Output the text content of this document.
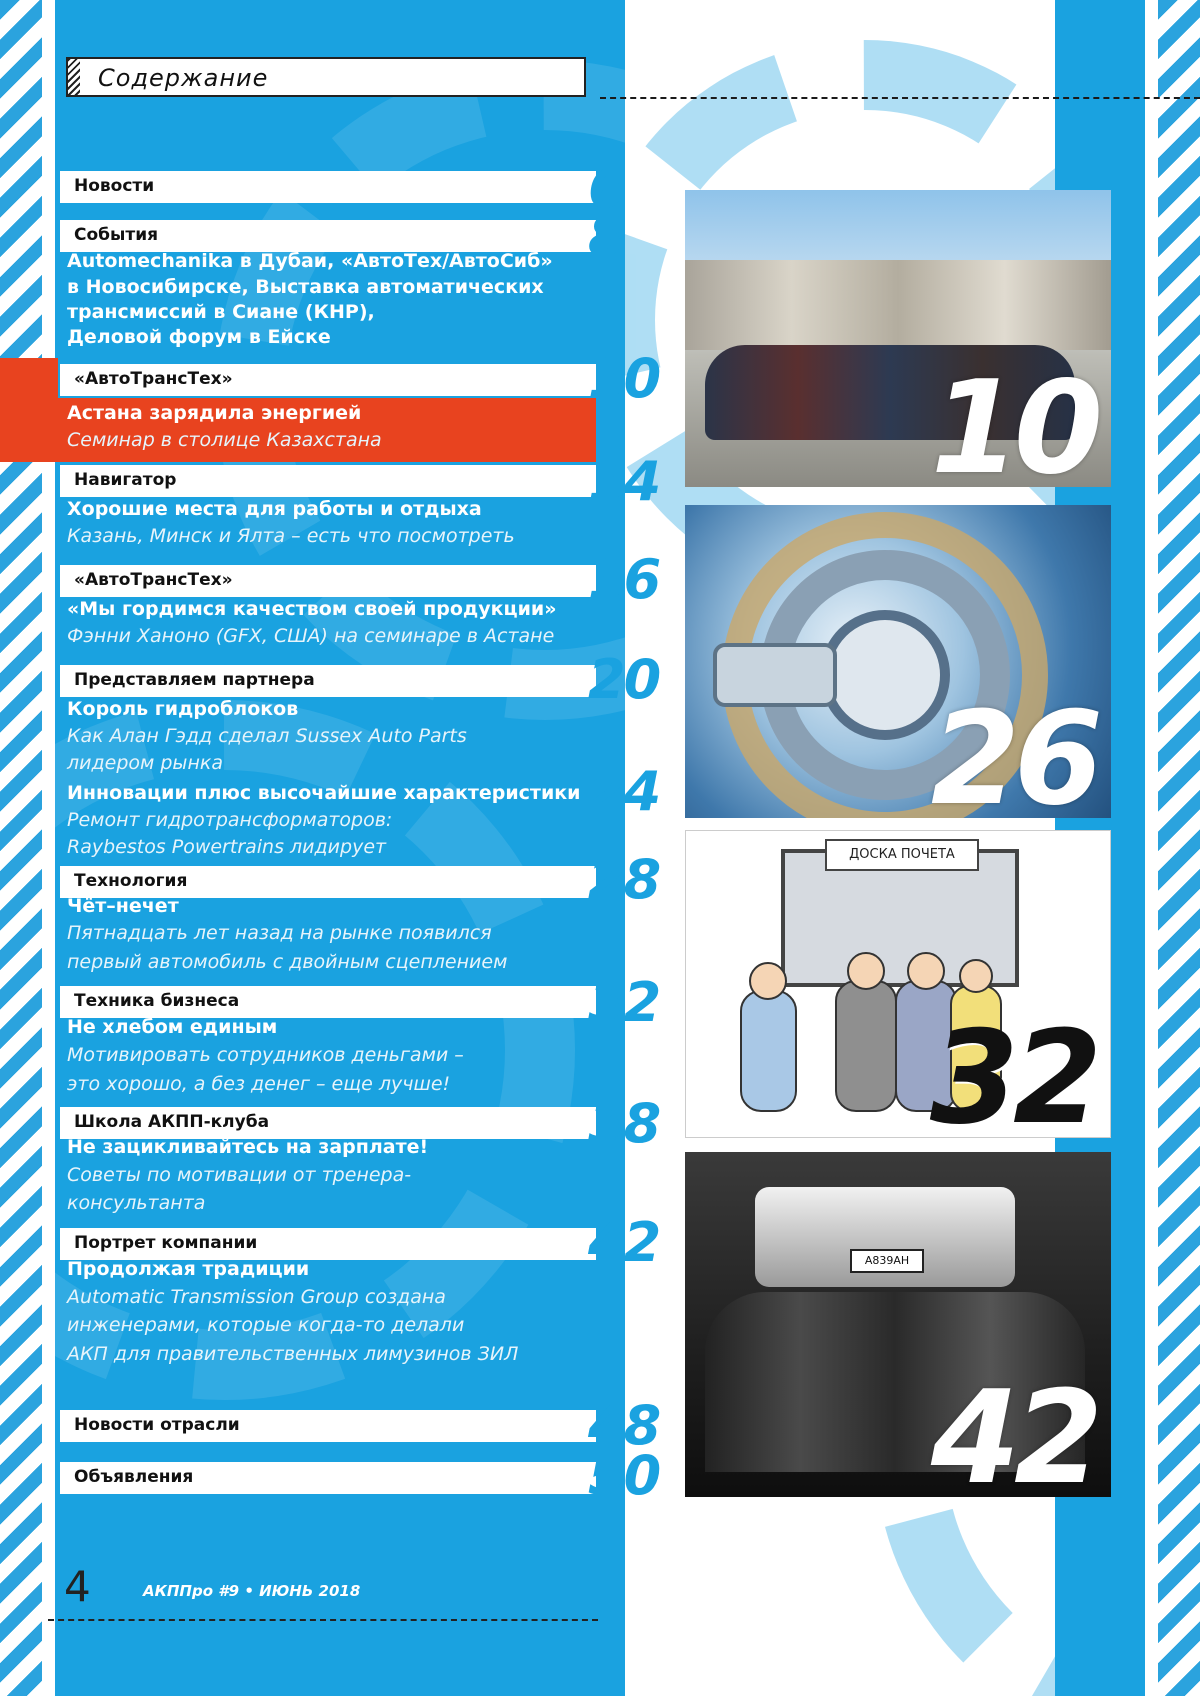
Содержание
Новости
События
«АвтоТрансТех»
Навигатор
«АвтоТрансТех»
Представляем партнера
Технология
Техника бизнеса
Школа АКПП-клуба
Портрет компании
Новости отрасли
Объявления
6
8
10
14
16
20
24
28
32
38
42
48
50
Automechanika в Дубаи, «АвтоТех/АвтоСиб»
в Новосибирске, Выставка автоматических
трансмиссий в Сиане (КНР),
Деловой форум в Ейске
Астана зарядила энергией
Семинар в столице Казахстана
Хорошие места для работы и отдыха
Казань, Минск и Ялта – есть что посмотреть
«Мы гордимся качеством своей продукции»
Фэнни Ханоно (GFX, США) на семинаре в Астане
Король гидроблоков
Как Алан Гэдд сделал Sussex Auto Parts
лидером рынка
Инновации плюс высочайшие характеристики
Ремонт гидротрансформаторов:
Raybestos Powertrains лидирует
Чёт–нечет
Пятнадцать лет назад на рынке появился
первый автомобиль с двойным сцеплением
Не хлебом единым
Мотивировать сотрудников деньгами –
это хорошо, а без денег – еще лучше!
Не зацикливайтесь на зарплате!
Советы по мотивации от тренера-
консультанта
Продолжая традиции
Automatic Transmission Group создана
инженерами, которые когда-то делали
АКП для правительственных лимузинов ЗИЛ
10
26
ДОСКА ПОЧЕТА
32
А839АН
42
4	АКППро #9 • ИЮНЬ 2018
